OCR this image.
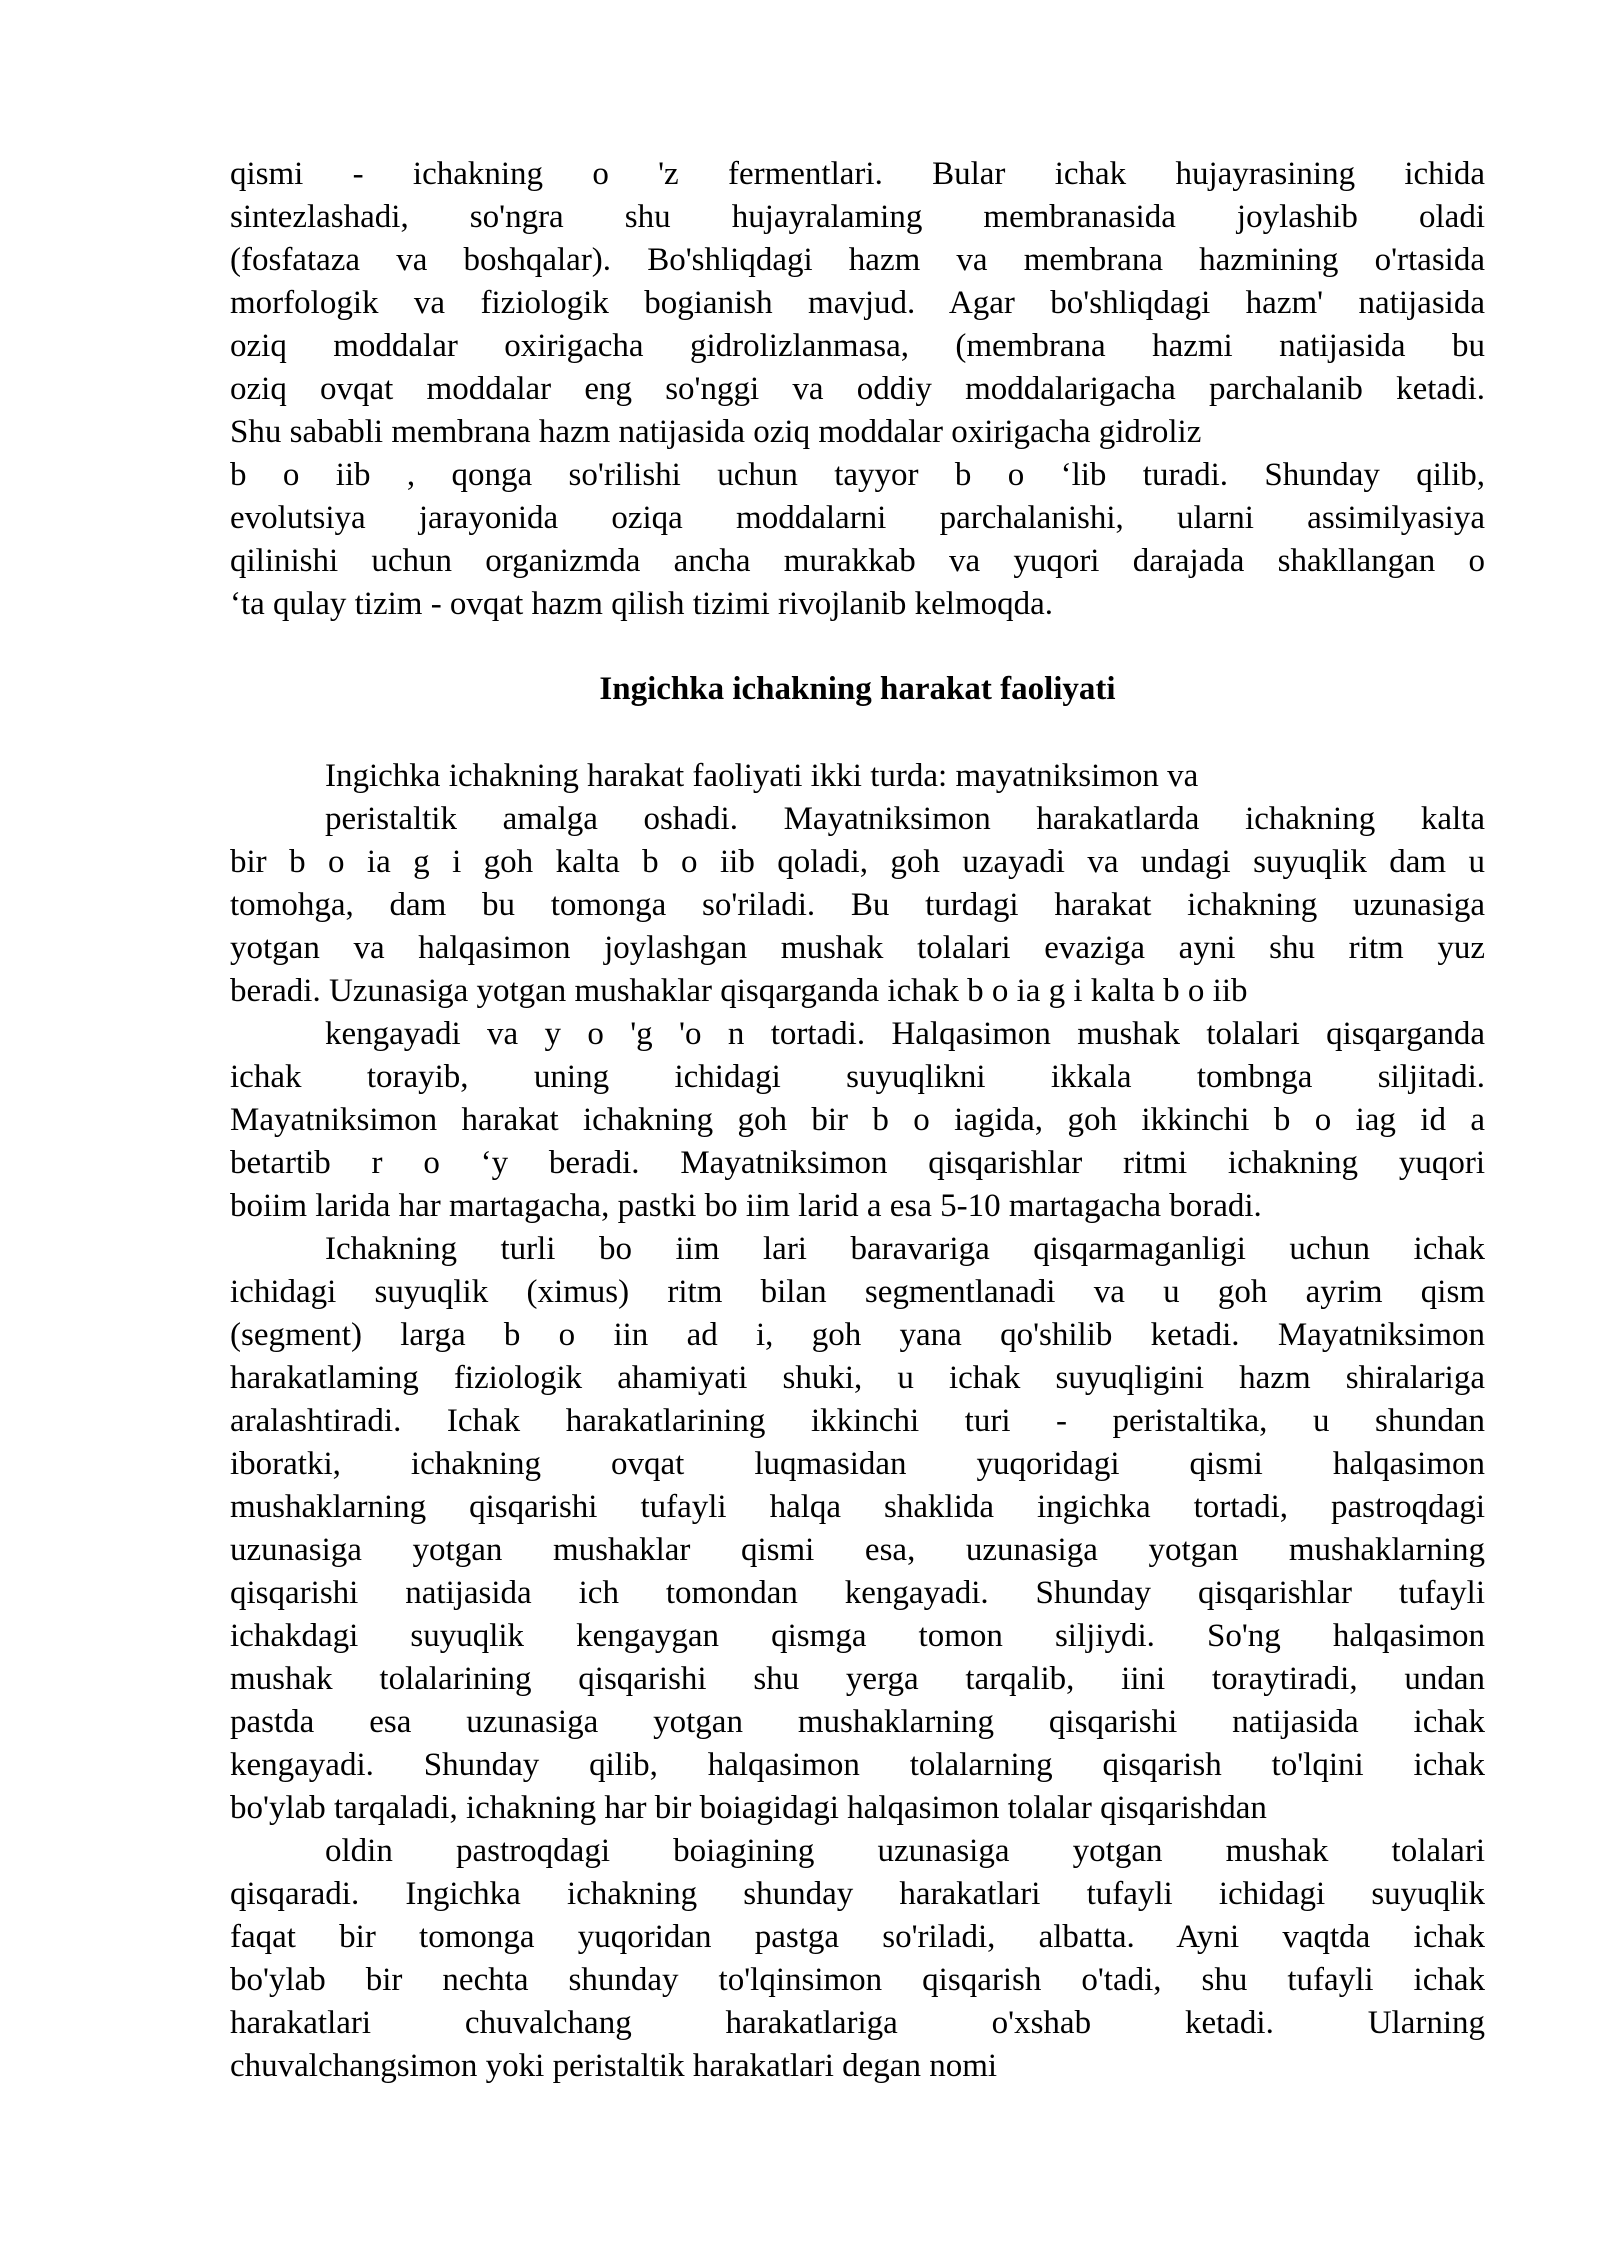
qismi - ichakning o 'z fermentlari. Bular ichak hujayrasining ichida
sintezlashadi, so'ngra shu hujayralaming membranasida joylashib oladi
(fosfataza va boshqalar). Bo'shliqdagi hazm va membrana hazmining o'rtasida
morfologik va fiziologik bogianish mavjud. Agar bo'shliqdagi hazm' natijasida
oziq moddalar oxirigacha gidrolizlanmasa, (membrana hazmi natijasida bu
oziq ovqat moddalar eng so'nggi va oddiy moddalarigacha parchalanib ketadi.
Shu sababli membrana hazm natijasida oziq moddalar oxirigacha gidroliz
b o iib , qonga so'rilishi uchun tayyor b o ‘lib turadi. Shunday qilib,
evolutsiya jarayonida oziqa moddalarni parchalanishi, ularni assimilyasiya
qilinishi uchun organizmda ancha murakkab va yuqori darajada shakllangan o
‘ta qulay tizim - ovqat hazm qilish tizimi rivojlanib kelmoqda.
Ingichka ichakning harakat faoliyati
Ingichka ichakning harakat faoliyati ikki turda: mayatniksimon va
peristaltik amalga oshadi. Mayatniksimon harakatlarda ichakning kalta
bir b o ia g i goh kalta b o iib qoladi, goh uzayadi va undagi suyuqlik dam u
tomohga, dam bu tomonga so'riladi. Bu turdagi harakat ichakning uzunasiga
yotgan va halqasimon joylashgan mushak tolalari evaziga ayni shu ritm yuz
beradi. Uzunasiga yotgan mushaklar qisqarganda ichak b o ia g i kalta b o iib
kengayadi va y o 'g 'o n tortadi. Halqasimon mushak tolalari qisqarganda
ichak torayib, uning ichidagi suyuqlikni ikkala tombnga siljitadi.
Mayatniksimon harakat ichakning goh bir b o iagida, goh ikkinchi b o iag id a
betartib r o ‘y beradi. Mayatniksimon qisqarishlar ritmi ichakning yuqori
boiim larida har martagacha, pastki bo iim larid a esa 5-10 martagacha boradi.
Ichakning turli bo iim lari baravariga qisqarmaganligi uchun ichak
ichidagi suyuqlik (ximus) ritm bilan segmentlanadi va u goh ayrim qism
(segment) larga b o iin ad i, goh yana qo'shilib ketadi. Mayatniksimon
harakatlaming fiziologik ahamiyati shuki, u ichak suyuqligini hazm shiralariga
aralashtiradi. Ichak harakatlarining ikkinchi turi - peristaltika, u shundan
iboratki, ichakning ovqat luqmasidan yuqoridagi qismi halqasimon
mushaklarning qisqarishi tufayli halqa shaklida ingichka tortadi, pastroqdagi
uzunasiga yotgan mushaklar qismi esa, uzunasiga yotgan mushaklarning
qisqarishi natijasida ich tomondan kengayadi. Shunday qisqarishlar tufayli
ichakdagi suyuqlik kengaygan qismga tomon siljiydi. So'ng halqasimon
mushak tolalarining qisqarishi shu yerga tarqalib, iini toraytiradi, undan
pastda esa uzunasiga yotgan mushaklarning qisqarishi natijasida ichak
kengayadi. Shunday qilib, halqasimon tolalarning qisqarish to'lqini ichak
bo'ylab tarqaladi, ichakning har bir boiagidagi halqasimon tolalar qisqarishdan
oldin pastroqdagi boiagining uzunasiga yotgan mushak tolalari
qisqaradi. Ingichka ichakning shunday harakatlari tufayli ichidagi suyuqlik
faqat bir tomonga yuqoridan pastga so'riladi, albatta. Ayni vaqtda ichak
bo'ylab bir nechta shunday to'lqinsimon qisqarish o'tadi, shu tufayli ichak
harakatlari chuvalchang harakatlariga o'xshab ketadi. Ularning
chuvalchangsimon yoki peristaltik harakatlari degan nomi
